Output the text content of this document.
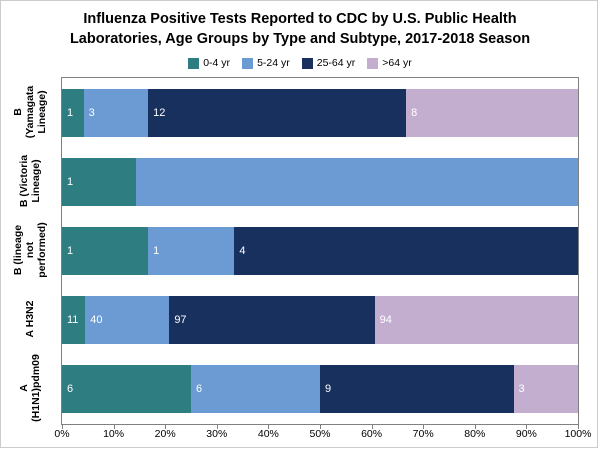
Influenza Positive Tests Reported to CDC by U.S. Public Health
Laboratories, Age Groups by Type and Subtype, 2017-2018 Season
0-4 yr	5-24 yr	25-64 yr	>64 yr
B (Yamagata Lineage)
B (Victoria Lineage)
B (lineage not performed)
A H3N2
A (H1N1)pdm09
1	3	12	8
1
1	1	4
11	40	97	94
6	6	9	3
0%	10%	20%	30%	40%	50%	60%	70%	80%	90%	100%
